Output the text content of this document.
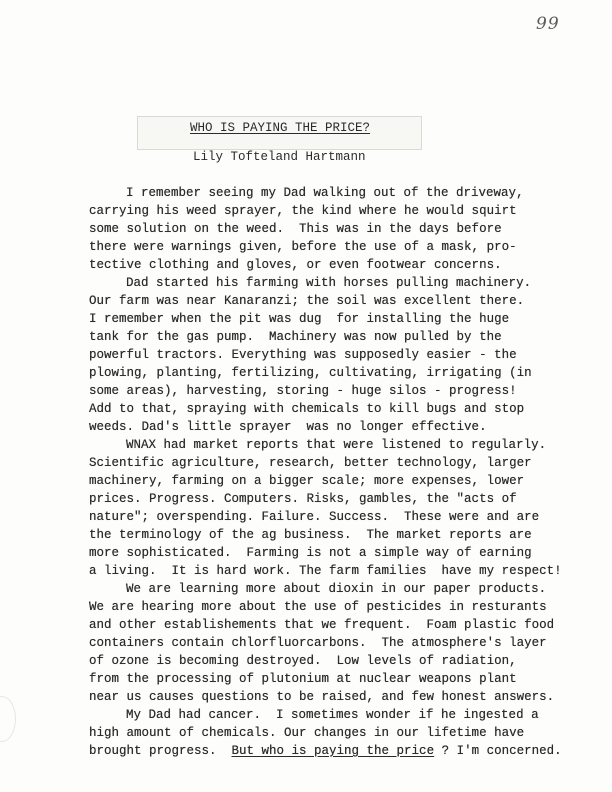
99
WHO IS PAYING THE PRICE?
Lily Tofteland Hartmann
I remember seeing my Dad walking out of the driveway,
carrying his weed sprayer, the kind where he would squirt
some solution on the weed.  This was in the days before
there were warnings given, before the use of a mask, pro-
tective clothing and gloves, or even footwear concerns.
Dad started his farming with horses pulling machinery.
Our farm was near Kanaranzi; the soil was excellent there.
I remember when the pit was dug  for installing the huge
tank for the gas pump.  Machinery was now pulled by the
powerful tractors. Everything was supposedly easier - the
plowing, planting, fertilizing, cultivating, irrigating (in
some areas), harvesting, storing - huge silos - progress!
Add to that, spraying with chemicals to kill bugs and stop
weeds. Dad's little sprayer  was no longer effective.
WNAX had market reports that were listened to regularly.
Scientific agriculture, research, better technology, larger
machinery, farming on a bigger scale; more expenses, lower
prices. Progress. Computers. Risks, gambles, the "acts of
nature"; overspending. Failure. Success.  These were and are
the terminology of the ag business.  The market reports are
more sophisticated.  Farming is not a simple way of earning
a living.  It is hard work. The farm families  have my respect!
We are learning more about dioxin in our paper products.
We are hearing more about the use of pesticides in resturants
and other establishements that we frequent.  Foam plastic food
containers contain chlorfluorcarbons.  The atmosphere's layer
of ozone is becoming destroyed.  Low levels of radiation,
from the processing of plutonium at nuclear weapons plant
near us causes questions to be raised, and few honest answers.
My Dad had cancer.  I sometimes wonder if he ingested a
high amount of chemicals. Our changes in our lifetime have
brought progress.  But who is paying the price ? I'm concerned.
